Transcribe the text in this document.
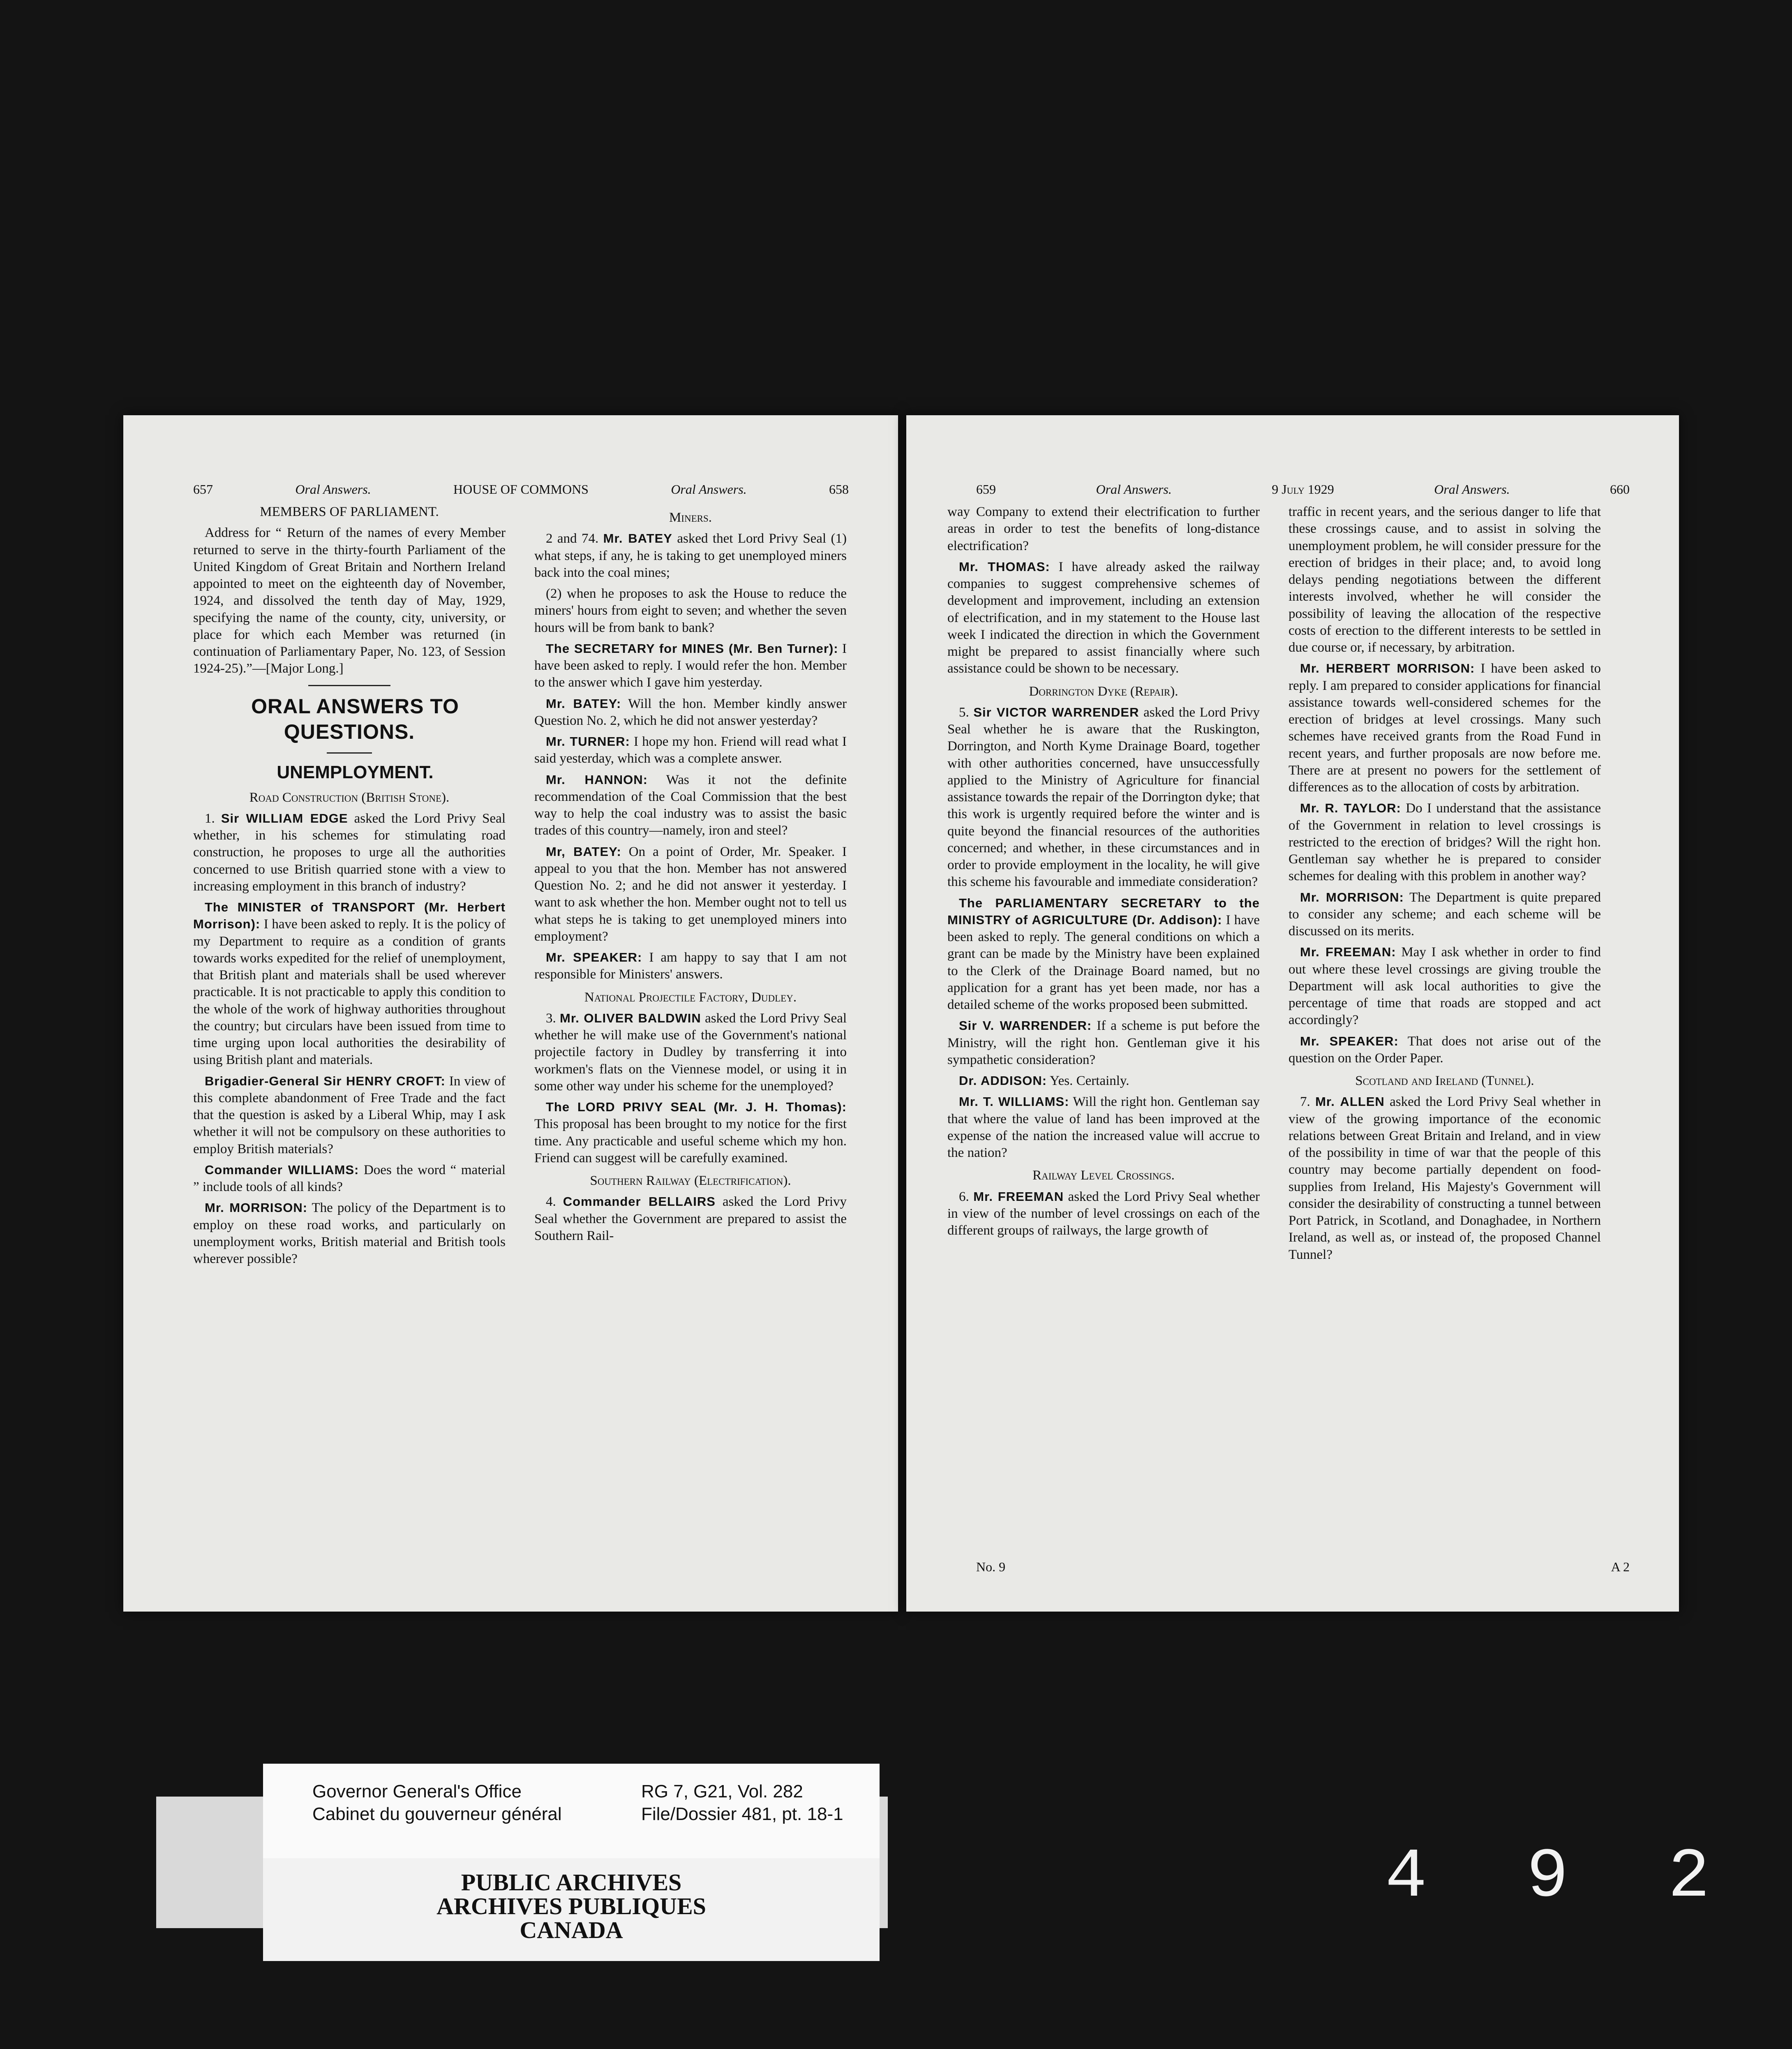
657	Oral Answers.	HOUSE OF COMMONS	Oral Answers.	658

MEMBERS OF PARLIAMENT.

Address for “ Return of the names of every Member returned to serve in the thirty-fourth Parliament of the United Kingdom of Great Britain and Northern Ireland appointed to meet on the eighteenth day of November, 1924, and dissolved the tenth day of May, 1929, specifying the name of the county, city, university, or place for which each Member was returned (in continuation of Parliamentary Paper, No. 123, of Session 1924-25).”—[Major Long.]

ORAL ANSWERS TO QUESTIONS.

UNEMPLOYMENT.

Road Construction (British Stone).

1. Sir WILLIAM EDGE asked the Lord Privy Seal whether, in his schemes for stimulating road construction, he proposes to urge all the authorities concerned to use British quarried stone with a view to increasing employment in this branch of industry?

The MINISTER of TRANSPORT (Mr. Herbert Morrison): I have been asked to reply. It is the policy of my Department to require as a condition of grants towards works expedited for the relief of unemployment, that British plant and materials shall be used wherever practicable. It is not practicable to apply this condition to the whole of the work of highway authorities throughout the country; but circulars have been issued from time to time urging upon local authorities the desirability of using British plant and materials.

Brigadier-General Sir HENRY CROFT: In view of this complete abandonment of Free Trade and the fact that the question is asked by a Liberal Whip, may I ask whether it will not be compulsory on these authorities to employ British materials?

Commander WILLIAMS: Does the word “ material ” include tools of all kinds?

Mr. MORRISON: The policy of the Department is to employ on these road works, and particularly on unemployment works, British material and British tools wherever possible?

Miners.

2 and 74. Mr. BATEY asked thet Lord Privy Seal (1) what steps, if any, he is taking to get unemployed miners back into the coal mines;

(2) when he proposes to ask the House to reduce the miners' hours from eight to seven; and whether the seven hours will be from bank to bank?

The SECRETARY for MINES (Mr. Ben Turner): I have been asked to reply. I would refer the hon. Member to the answer which I gave him yesterday.

Mr. BATEY: Will the hon. Member kindly answer Question No. 2, which he did not answer yesterday?

Mr. TURNER: I hope my hon. Friend will read what I said yesterday, which was a complete answer.

Mr. HANNON: Was it not the definite recommendation of the Coal Commission that the best way to help the coal industry was to assist the basic trades of this country—namely, iron and steel?

Mr, BATEY: On a point of Order, Mr. Speaker. I appeal to you that the hon. Member has not answered Question No. 2; and he did not answer it yesterday. I want to ask whether the hon. Member ought not to tell us what steps he is taking to get unemployed miners into employment?

Mr. SPEAKER: I am happy to say that I am not responsible for Ministers' answers.

National Projectile Factory, Dudley.

3. Mr. OLIVER BALDWIN asked the Lord Privy Seal whether he will make use of the Government's national projectile factory in Dudley by transferring it into workmen's flats on the Viennese model, or using it in some other way under his scheme for the unemployed?

The LORD PRIVY SEAL (Mr. J. H. Thomas): This proposal has been brought to my notice for the first time. Any practicable and useful scheme which my hon. Friend can suggest will be carefully examined.

Southern Railway (Electrification).

4. Commander BELLAIRS asked the Lord Privy Seal whether the Government are prepared to assist the Southern Rail-

659	Oral Answers.	9 July 1929	Oral Answers.	660

way Company to extend their electrification to further areas in order to test the benefits of long-distance electrification?

Mr. THOMAS: I have already asked the railway companies to suggest comprehensive schemes of development and improvement, including an extension of electrification, and in my statement to the House last week I indicated the direction in which the Government might be prepared to assist financially where such assistance could be shown to be necessary.

Dorrington Dyke (Repair).

5. Sir VICTOR WARRENDER asked the Lord Privy Seal whether he is aware that the Ruskington, Dorrington, and North Kyme Drainage Board, together with other authorities concerned, have unsuccessfully applied to the Ministry of Agriculture for financial assistance towards the repair of the Dorrington dyke; that this work is urgently required before the winter and is quite beyond the financial resources of the authorities concerned; and whether, in these circumstances and in order to provide employment in the locality, he will give this scheme his favourable and immediate consideration?

The PARLIAMENTARY SECRETARY to the MINISTRY of AGRICULTURE (Dr. Addison): I have been asked to reply. The general conditions on which a grant can be made by the Ministry have been explained to the Clerk of the Drainage Board named, but no application for a grant has yet been made, nor has a detailed scheme of the works proposed been submitted.

Sir V. WARRENDER: If a scheme is put before the Ministry, will the right hon. Gentleman give it his sympathetic consideration?

Dr. ADDISON: Yes. Certainly.

Mr. T. WILLIAMS: Will the right hon. Gentleman say that where the value of land has been improved at the expense of the nation the increased value will accrue to the nation?

Railway Level Crossings.

6. Mr. FREEMAN asked the Lord Privy Seal whether in view of the number of level crossings on each of the different groups of railways, the large growth of

traffic in recent years, and the serious danger to life that these crossings cause, and to assist in solving the unemployment problem, he will consider pressure for the erection of bridges in their place; and, to avoid long delays pending negotiations between the different interests involved, whether he will consider the possibility of leaving the allocation of the respective costs of erection to the different interests to be settled in due course or, if necessary, by arbitration.

Mr. HERBERT MORRISON: I have been asked to reply. I am prepared to consider applications for financial assistance towards well-considered schemes for the erection of bridges at level crossings. Many such schemes have received grants from the Road Fund in recent years, and further proposals are now before me. There are at present no powers for the settlement of differences as to the allocation of costs by arbitration.

Mr. R. TAYLOR: Do I understand that the assistance of the Government in relation to level crossings is restricted to the erection of bridges? Will the right hon. Gentleman say whether he is prepared to consider schemes for dealing with this problem in another way?

Mr. MORRISON: The Department is quite prepared to consider any scheme; and each scheme will be discussed on its merits.

Mr. FREEMAN: May I ask whether in order to find out where these level crossings are giving trouble the Department will ask local authorities to give the percentage of time that roads are stopped and act accordingly?

Mr. SPEAKER: That does not arise out of the question on the Order Paper.

Scotland and Ireland (Tunnel).

7. Mr. ALLEN asked the Lord Privy Seal whether in view of the growing importance of the economic relations between Great Britain and Ireland, and in view of the possibility in time of war that the people of this country may become partially dependent on food-supplies from Ireland, His Majesty's Government will consider the desirability of constructing a tunnel between Port Patrick, in Scotland, and Donaghadee, in Northern Ireland, as well as, or instead of, the proposed Channel Tunnel?

No. 9	A 2
Governor General's Office
Cabinet du gouverneur général
RG 7, G21, Vol. 282
File/Dossier 481, pt. 18-1
PUBLIC ARCHIVES
ARCHIVES PUBLIQUES
CANADA
4 9 2
